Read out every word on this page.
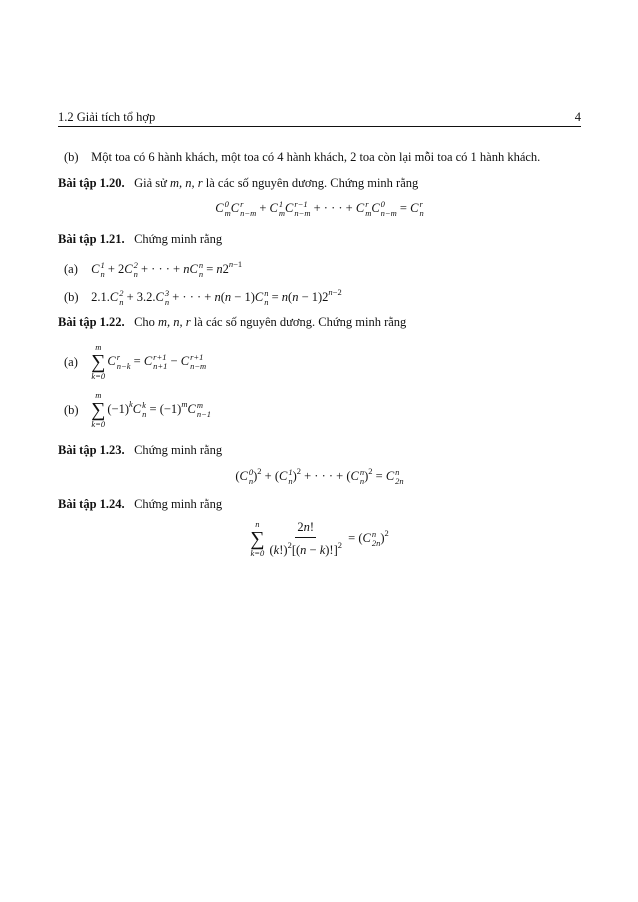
1.2 Giải tích tổ hợp	4
(b) Một toa có 6 hành khách, một toa có 4 hành khách, 2 toa còn lại mỗi toa có 1 hành khách.
Bài tập 1.20. Giả sử m, n, r là các số nguyên dương. Chứng minh rằng
C 0
m C r
n−m + C 1
m C r−1
n−m + · · · + C r
m C 0
n−m = C r
n
Bài tập 1.21. Chứng minh rằng
(a) C 1
n + 2C 2
n + · · · + nC n
$n = n2^{n-1}$
(b) 2.1.C 2
n + 3.2.C 3
n + · · · + n(n − 1)C n
$n = n(n - 1)2^{n-2}$
Bài tập 1.22. Cho m, n, r là các số nguyên dương. Chứng minh rằng
(a)
m
∑
k=0
C r
n−k = C r+1
n+1 − C r+1
n−m
(b)
m
∑
k=0
$(-1)^kC$ k
$n = (-1)^mC$ m
n−1
Bài tập 1.23. Chứng minh rằng
(C 0
n )$^2$ + (C 1
n )$^2$ + · · · + (C n
n )$^2$ = C n
2n
Bài tập 1.24. Chứng minh rằng
n
∑
$k=0 \frac{2n!}{(k!)^2[(n - k)!]^2} = (C$ n
2n )$^2$
